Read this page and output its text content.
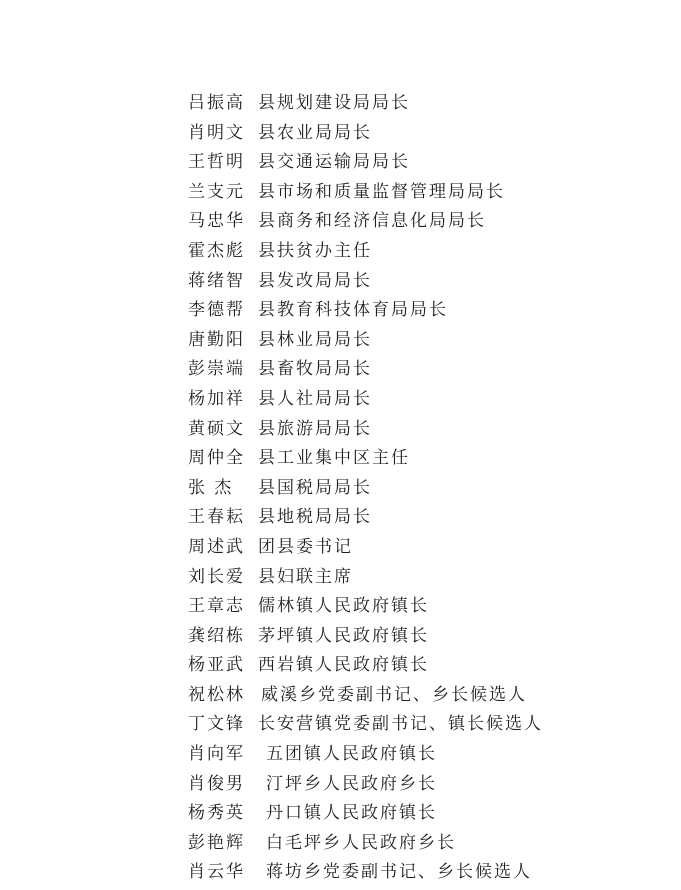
吕振高 县规划建设局局长
肖明文 县农业局局长
王哲明 县交通运输局局长
兰支元 县市场和质量监督管理局局长
马忠华 县商务和经济信息化局局长
霍杰彪 县扶贫办主任
蒋绪智 县发改局局长
李德帮 县教育科技体育局局长
唐勤阳 县林业局局长
彭崇端 县畜牧局局长
杨加祥 县人社局局长
黄硕文 县旅游局局长
周仲全 县工业集中区主任
张 杰	县国税局局长
王春耘 县地税局局长
周述武 团县委书记
刘长爱 县妇联主席
王章志 儒林镇人民政府镇长
龚绍栋 茅坪镇人民政府镇长
杨亚武 西岩镇人民政府镇长
祝松林 威溪乡党委副书记、乡长候选人
丁文锋 长安营镇党委副书记、镇长候选人
肖向军	五团镇人民政府镇长
肖俊男	汀坪乡人民政府乡长
杨秀英	丹口镇人民政府镇长
彭艳辉	白毛坪乡人民政府乡长
肖云华	蒋坊乡党委副书记、乡长候选人
